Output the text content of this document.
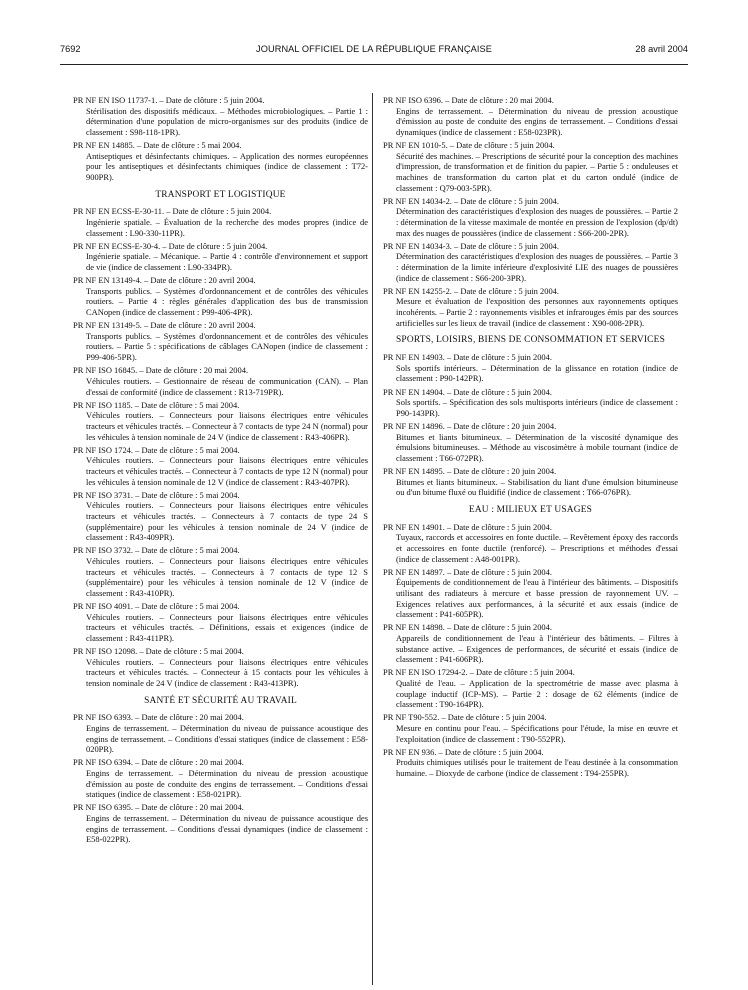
7692	JOURNAL OFFICIEL DE LA RÉPUBLIQUE FRANÇAISE	28 avril 2004
PR NF EN ISO 11737-1. – Date de clôture : 5 juin 2004.
Stérilisation des dispositifs médicaux. – Méthodes microbiologiques. – Partie 1 : détermination d'une population de micro-organismes sur des produits (indice de classement : S98-118-1PR).
PR NF EN 14885. – Date de clôture : 5 mai 2004.
Antiseptiques et désinfectants chimiques. – Application des normes européennes pour les antiseptiques et désinfectants chimiques (indice de classement : T72-900PR).
TRANSPORT ET LOGISTIQUE
PR NF EN ECSS-E-30-11. – Date de clôture : 5 juin 2004.
Ingénierie spatiale. – Évaluation de la recherche des modes propres (indice de classement : L90-330-11PR).
PR NF EN ECSS-E-30-4. – Date de clôture : 5 juin 2004.
Ingénierie spatiale. – Mécanique. – Partie 4 : contrôle d'environnement et support de vie (indice de classement : L90-334PR).
PR NF EN 13149-4. – Date de clôture : 20 avril 2004.
Transports publics. – Systèmes d'ordonnancement et de contrôles des véhicules routiers. – Partie 4 : règles générales d'application des bus de transmission CANopen (indice de classement : P99-406-4PR).
PR NF EN 13149-5. – Date de clôture : 20 avril 2004.
Transports publics. – Systèmes d'ordonnancement et de contrôles des véhicules routiers. – Partie 5 : spécifications de câblages CANopen (indice de classement : P99-406-5PR).
PR NF ISO 16845. – Date de clôture : 20 mai 2004.
Véhicules routiers. – Gestionnaire de réseau de communication (CAN). – Plan d'essai de conformité (indice de classement : R13-719PR).
PR NF ISO 1185. – Date de clôture : 5 mai 2004.
Véhicules routiers. – Connecteurs pour liaisons électriques entre véhicules tracteurs et véhicules tractés. – Connecteur à 7 contacts de type 24 N (normal) pour les véhicules à tension nominale de 24 V (indice de classement : R43-406PR).
PR NF ISO 1724. – Date de clôture : 5 mai 2004.
Véhicules routiers. – Connecteurs pour liaisons électriques entre véhicules tracteurs et véhicules tractés. – Connecteur à 7 contacts de type 12 N (normal) pour les véhicules à tension nominale de 12 V (indice de classement : R43-407PR).
PR NF ISO 3731. – Date de clôture : 5 mai 2004.
Véhicules routiers. – Connecteurs pour liaisons électriques entre véhicules tracteurs et véhicules tractés. – Connecteurs à 7 contacts de type 24 S (supplémentaire) pour les véhicules à tension nominale de 24 V (indice de classement : R43-409PR).
PR NF ISO 3732. – Date de clôture : 5 mai 2004.
Véhicules routiers. – Connecteurs pour liaisons électriques entre véhicules tracteurs et véhicules tractés. – Connecteurs à 7 contacts de type 12 S (supplémentaire) pour les véhicules à tension nominale de 12 V (indice de classement : R43-410PR).
PR NF ISO 4091. – Date de clôture : 5 mai 2004.
Véhicules routiers. – Connecteurs pour liaisons électriques entre véhicules tracteurs et véhicules tractés. – Définitions, essais et exigences (indice de classement : R43-411PR).
PR NF ISO 12098. – Date de clôture : 5 mai 2004.
Véhicules routiers. – Connecteurs pour liaisons électriques entre véhicules tracteurs et véhicules tractés. – Connecteur à 15 contacts pour les véhicules à tension nominale de 24 V (indice de classement : R43-413PR).
SANTÉ ET SÉCURITÉ AU TRAVAIL
PR NF ISO 6393. – Date de clôture : 20 mai 2004.
Engins de terrassement. – Détermination du niveau de puissance acoustique des engins de terrassement. – Conditions d'essai statiques (indice de classement : E58-020PR).
PR NF ISO 6394. – Date de clôture : 20 mai 2004.
Engins de terrassement. – Détermination du niveau de pression acoustique d'émission au poste de conduite des engins de terrassement. – Conditions d'essai statiques (indice de classement : E58-021PR).
PR NF ISO 6395. – Date de clôture : 20 mai 2004.
Engins de terrassement. – Détermination du niveau de puissance acoustique des engins de terrassement. – Conditions d'essai dynamiques (indice de classement : E58-022PR).
PR NF ISO 6396. – Date de clôture : 20 mai 2004.
Engins de terrassement. – Détermination du niveau de pression acoustique d'émission au poste de conduite des engins de terrassement. – Conditions d'essai dynamiques (indice de classement : E58-023PR).
PR NF EN 1010-5. – Date de clôture : 5 juin 2004.
Sécurité des machines. – Prescriptions de sécurité pour la conception des machines d'impression, de transformation et de finition du papier. – Partie 5 : onduleuses et machines de transformation du carton plat et du carton ondulé (indice de classement : Q79-003-5PR).
PR NF EN 14034-2. – Date de clôture : 5 juin 2004.
Détermination des caractéristiques d'explosion des nuages de poussières. – Partie 2 : détermination de la vitesse maximale de montée en pression de l'explosion (dp/dt) max des nuages de poussières (indice de classement : S66-200-2PR).
PR NF EN 14034-3. – Date de clôture : 5 juin 2004.
Détermination des caractéristiques d'explosion des nuages de poussières. – Partie 3 : détermination de la limite inférieure d'explosivité LIE des nuages de poussières (indice de classement : S66-200-3PR).
PR NF EN 14255-2. – Date de clôture : 5 juin 2004.
Mesure et évaluation de l'exposition des personnes aux rayonnements optiques incohérents. – Partie 2 : rayonnements visibles et infrarouges émis par des sources artificielles sur les lieux de travail (indice de classement : X90-008-2PR).
SPORTS, LOISIRS, BIENS DE CONSOMMATION ET SERVICES
PR NF EN 14903. – Date de clôture : 5 juin 2004.
Sols sportifs intérieurs. – Détermination de la glissance en rotation (indice de classement : P90-142PR).
PR NF EN 14904. – Date de clôture : 5 juin 2004.
Sols sportifs. – Spécification des sols multisports intérieurs (indice de classement : P90-143PR).
PR NF EN 14896. – Date de clôture : 20 juin 2004.
Bitumes et liants bitumineux. – Détermination de la viscosité dynamique des émulsions bitumineuses. – Méthode au viscosimètre à mobile tournant (indice de classement : T66-072PR).
PR NF EN 14895. – Date de clôture : 20 juin 2004.
Bitumes et liants bitumineux. – Stabilisation du liant d'une émulsion bitumineuse ou d'un bitume fluxé ou fluidifié (indice de classement : T66-076PR).
EAU : MILIEUX ET USAGES
PR NF EN 14901. – Date de clôture : 5 juin 2004.
Tuyaux, raccords et accessoires en fonte ductile. – Revêtement époxy des raccords et accessoires en fonte ductile (renforcé). – Prescriptions et méthodes d'essai (indice de classement : A48-001PR).
PR NF EN 14897. – Date de clôture : 5 juin 2004.
Équipements de conditionnement de l'eau à l'intérieur des bâtiments. – Dispositifs utilisant des radiateurs à mercure et basse pression de rayonnement UV. – Exigences relatives aux performances, à la sécurité et aux essais (indice de classement : P41-605PR).
PR NF EN 14898. – Date de clôture : 5 juin 2004.
Appareils de conditionnement de l'eau à l'intérieur des bâtiments. – Filtres à substance active. – Exigences de performances, de sécurité et essais (indice de classement : P41-606PR).
PR NF EN ISO 17294-2. – Date de clôture : 5 juin 2004.
Qualité de l'eau. – Application de la spectrométrie de masse avec plasma à couplage inductif (ICP-MS). – Partie 2 : dosage de 62 éléments (indice de classement : T90-164PR).
PR NF T90-552. – Date de clôture : 5 juin 2004.
Mesure en continu pour l'eau. – Spécifications pour l'étude, la mise en œuvre et l'exploitation (indice de classement : T90-552PR).
PR NF EN 936. – Date de clôture : 5 juin 2004.
Produits chimiques utilisés pour le traitement de l'eau destinée à la consommation humaine. – Dioxyde de carbone (indice de classement : T94-255PR).
